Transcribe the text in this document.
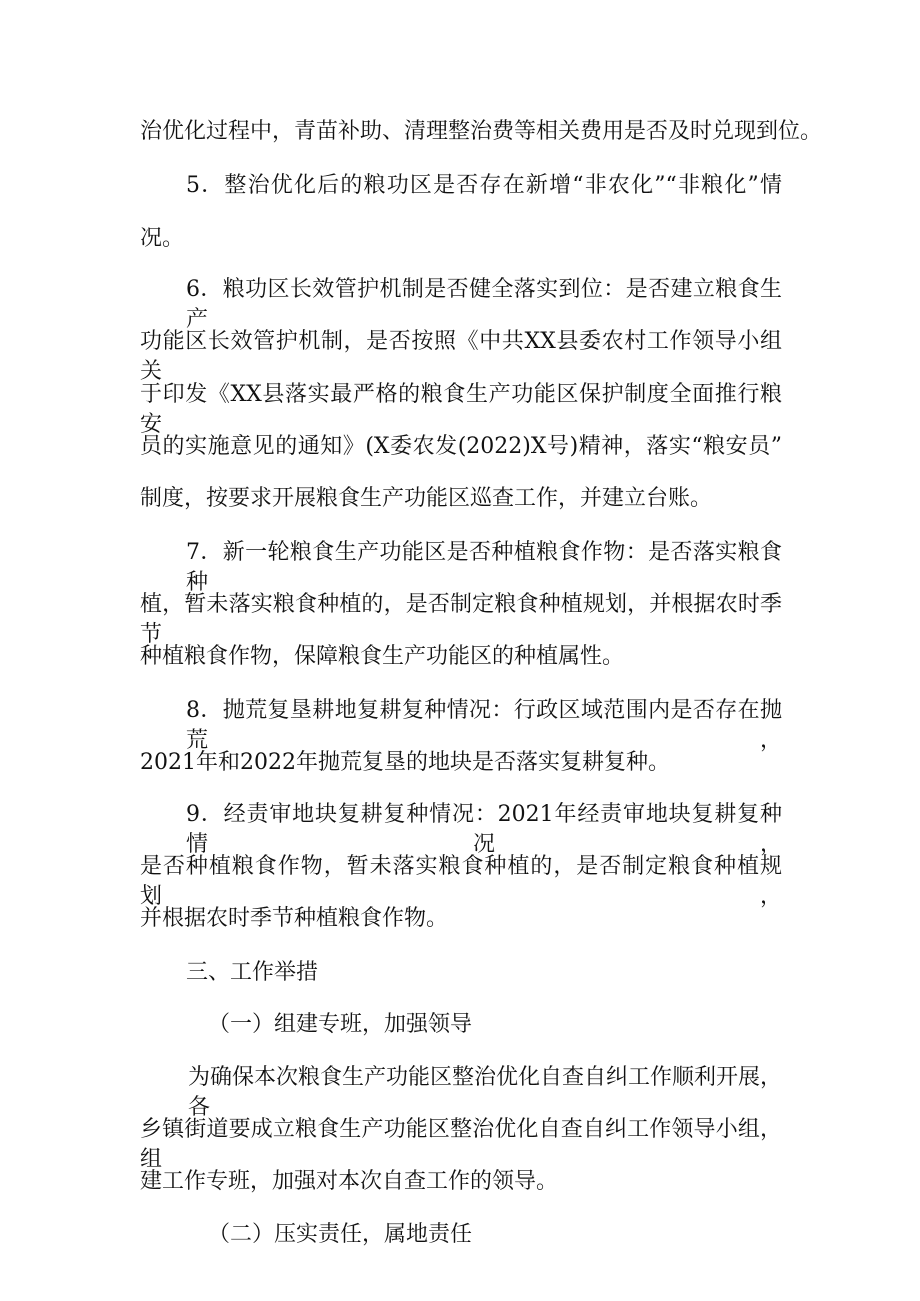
治优化过程中，青苗补助、清理整治费等相关费用是否及时兑现到位。
5．整治优化后的粮功区是否存在新增“非农化”“非粮化”情
况。
6．粮功区长效管护机制是否健全落实到位：是否建立粮食生产
功能区长效管护机制，是否按照《中共XX县委农村工作领导小组关
于印发《XX县落实最严格的粮食生产功能区保护制度全面推行粮安
员的实施意见的通知》(X委农发(2022)X号)精神，落实“粮安员”
制度，按要求开展粮食生产功能区巡查工作，并建立台账。
7．新一轮粮食生产功能区是否种植粮食作物：是否落实粮食种
植，暂未落实粮食种植的，是否制定粮食种植规划，并根据农时季节
种植粮食作物，保障粮食生产功能区的种植属性。
8．抛荒复垦耕地复耕复种情况：行政区域范围内是否存在抛荒，
2021年和2022年抛荒复垦的地块是否落实复耕复种。
9．经责审地块复耕复种情况：2021年经责审地块复耕复种情况，
是否种植粮食作物，暂未落实粮食种植的，是否制定粮食种植规划，
并根据农时季节种植粮食作物。
三、工作举措
（一）组建专班，加强领导
为确保本次粮食生产功能区整治优化自查自纠工作顺利开展，各
乡镇街道要成立粮食生产功能区整治优化自查自纠工作领导小组，组
建工作专班，加强对本次自查工作的领导。
（二）压实责任，属地责任
